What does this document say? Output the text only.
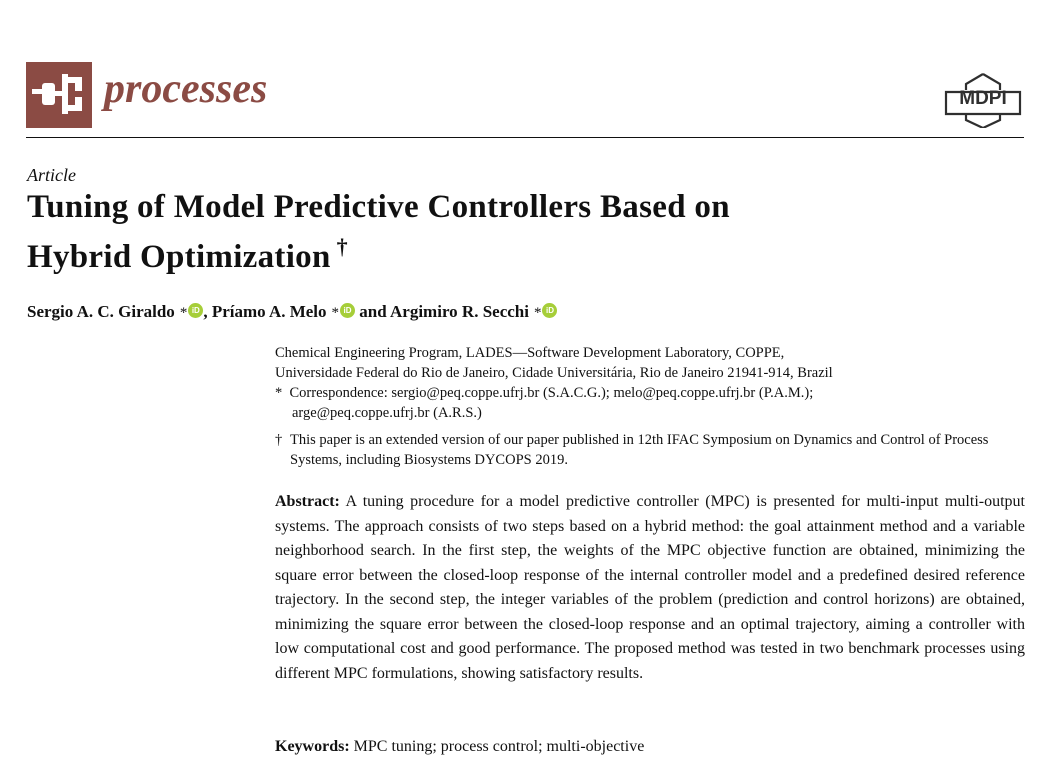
processes	MDPI
Article
Tuning of Model Predictive Controllers Based on
Hybrid Optimization †
Sergio A. C. Giraldo * iD , Príamo A. Melo * iD and Argimiro R. Secchi * iD
Chemical Engineering Program, LADES—Software Development Laboratory, COPPE,
Universidade Federal do Rio de Janeiro, Cidade Universitária, Rio de Janeiro 21941-914, Brazil
* Correspondence: sergio@peq.coppe.ufrj.br (S.A.C.G.); melo@peq.coppe.ufrj.br (P.A.M.);
arge@peq.coppe.ufrj.br (A.R.S.)
† This paper is an extended version of our paper published in 12th IFAC Symposium on Dynamics and Control of Process Systems, including Biosystems DYCOPS 2019.
Abstract: A tuning procedure for a model predictive controller (MPC) is presented for multi-input multi-output systems. The approach consists of two steps based on a hybrid method: the goal attainment method and a variable neighborhood search. In the first step, the weights of the MPC objective function are obtained, minimizing the square error between the closed-loop response of the internal controller model and a predefined desired reference trajectory. In the second step, the integer variables of the problem (prediction and control horizons) are obtained, minimizing the square error between the closed-loop response and an optimal trajectory, aiming a controller with low computational cost and good performance. The proposed method was tested in two benchmark processes using different MPC formulations, showing satisfactory results.
Keywords: MPC tuning; process control; multi-objective
